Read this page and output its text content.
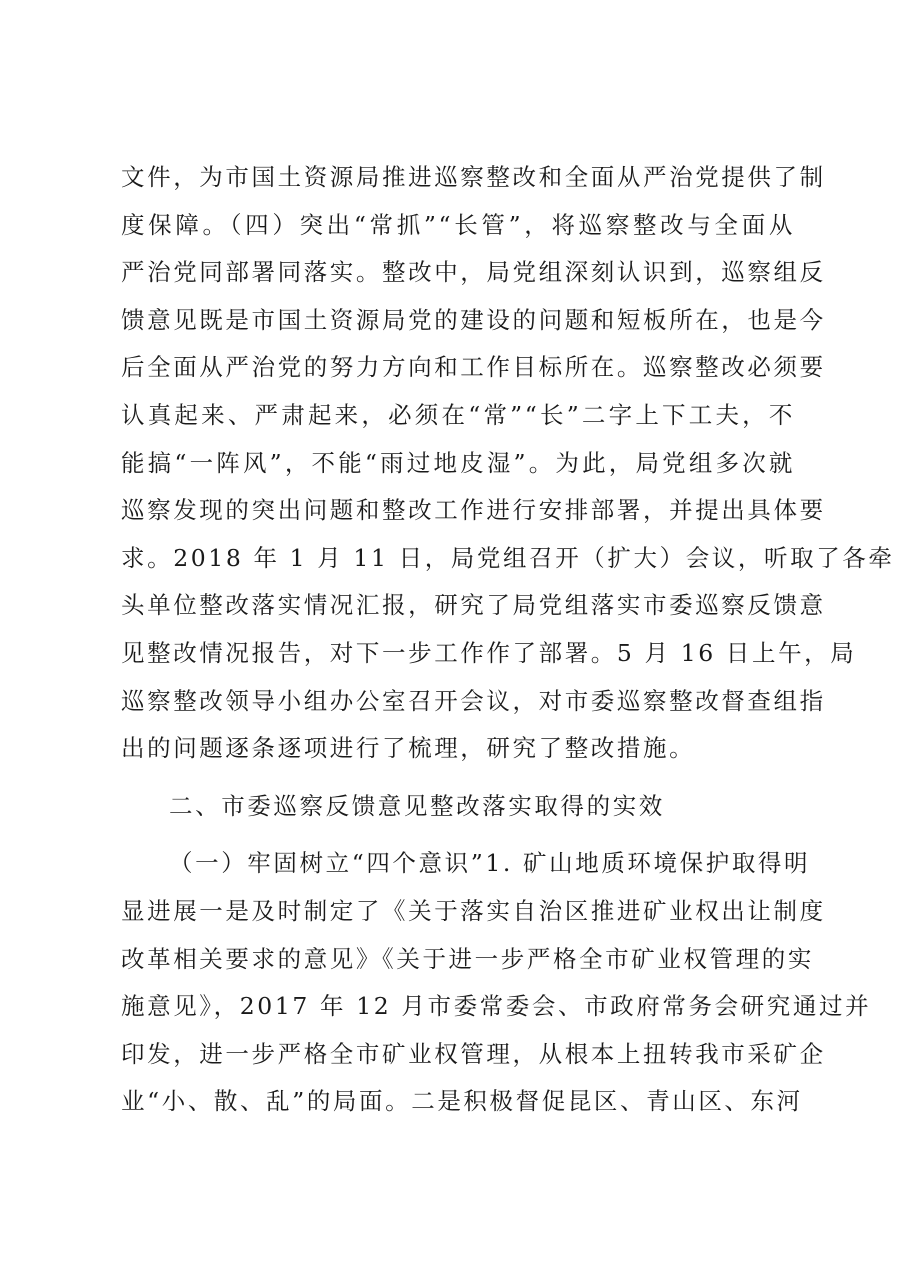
文件，为市国土资源局推进巡察整改和全面从严治党提供了制
度保障。（四）突出“常抓”“长管”，将巡察整改与全面从
严治党同部署同落实。整改中，局党组深刻认识到，巡察组反
馈意见既是市国土资源局党的建设的问题和短板所在，也是今
后全面从严治党的努力方向和工作目标所在。巡察整改必须要
认真起来、严肃起来，必须在“常”“长”二字上下工夫，不
能搞“一阵风”，不能“雨过地皮湿”。为此，局党组多次就
巡察发现的突出问题和整改工作进行安排部署，并提出具体要
求。2018 年 1 月 11 日，局党组召开（扩大）会议，听取了各牵
头单位整改落实情况汇报，研究了局党组落实市委巡察反馈意
见整改情况报告，对下一步工作作了部署。5 月 16 日上午，局
巡察整改领导小组办公室召开会议，对市委巡察整改督查组指
出的问题逐条逐项进行了梳理，研究了整改措施。
二、市委巡察反馈意见整改落实取得的实效
（一）牢固树立“四个意识”1. 矿山地质环境保护取得明
显进展一是及时制定了《关于落实自治区推进矿业权出让制度
改革相关要求的意见》《关于进一步严格全市矿业权管理的实
施意见》，2017 年 12 月市委常委会、市政府常务会研究通过并
印发，进一步严格全市矿业权管理，从根本上扭转我市采矿企
业“小、散、乱”的局面。二是积极督促昆区、青山区、东河
